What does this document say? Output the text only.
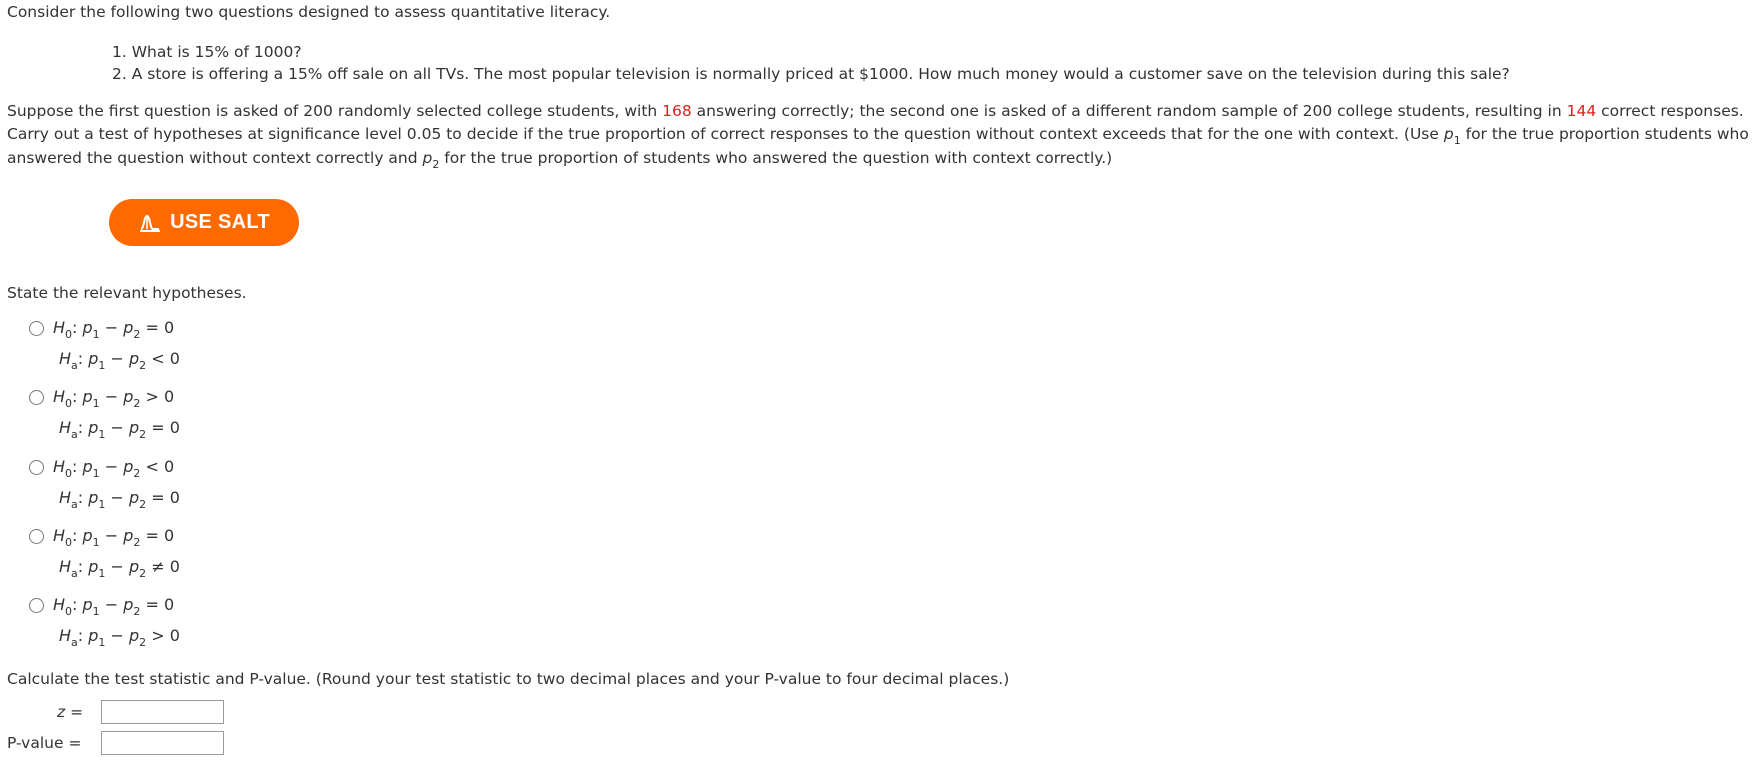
Consider the following two questions designed to assess quantitative literacy.
1. What is 15% of 1000?
2. A store is offering a 15% off sale on all TVs. The most popular television is normally priced at $1000. How much money would a customer save on the television during this sale?
Suppose the first question is asked of 200 randomly selected college students, with 168 answering correctly; the second one is asked of a different random sample of 200 college students, resulting in 144 correct responses. Carry out a test of hypotheses at significance level 0.05 to decide if the true proportion of correct responses to the question without context exceeds that for the one with context. (Use $p_1$ for the true proportion students who answered the question without context correctly and $p_2$ for the true proportion of students who answered the question with context correctly.)
USE SALT
State the relevant hypotheses.
$H_0$: $p_1 - p_2 = 0$
$H_a$: $p_1 - p_2 < 0$
$H_0$: $p_1 - p_2 > 0$
$H_a$: $p_1 - p_2 = 0$
$H_0$: $p_1 - p_2 < 0$
$H_a$: $p_1 - p_2 = 0$
$H_0$: $p_1 - p_2 = 0$
$H_a$: $p_1 - p_2 \ne 0$
$H_0$: $p_1 - p_2 = 0$
$H_a$: $p_1 - p_2 > 0$
Calculate the test statistic and P-value. (Round your test statistic to two decimal places and your P-value to four decimal places.)
z =
P-value =
